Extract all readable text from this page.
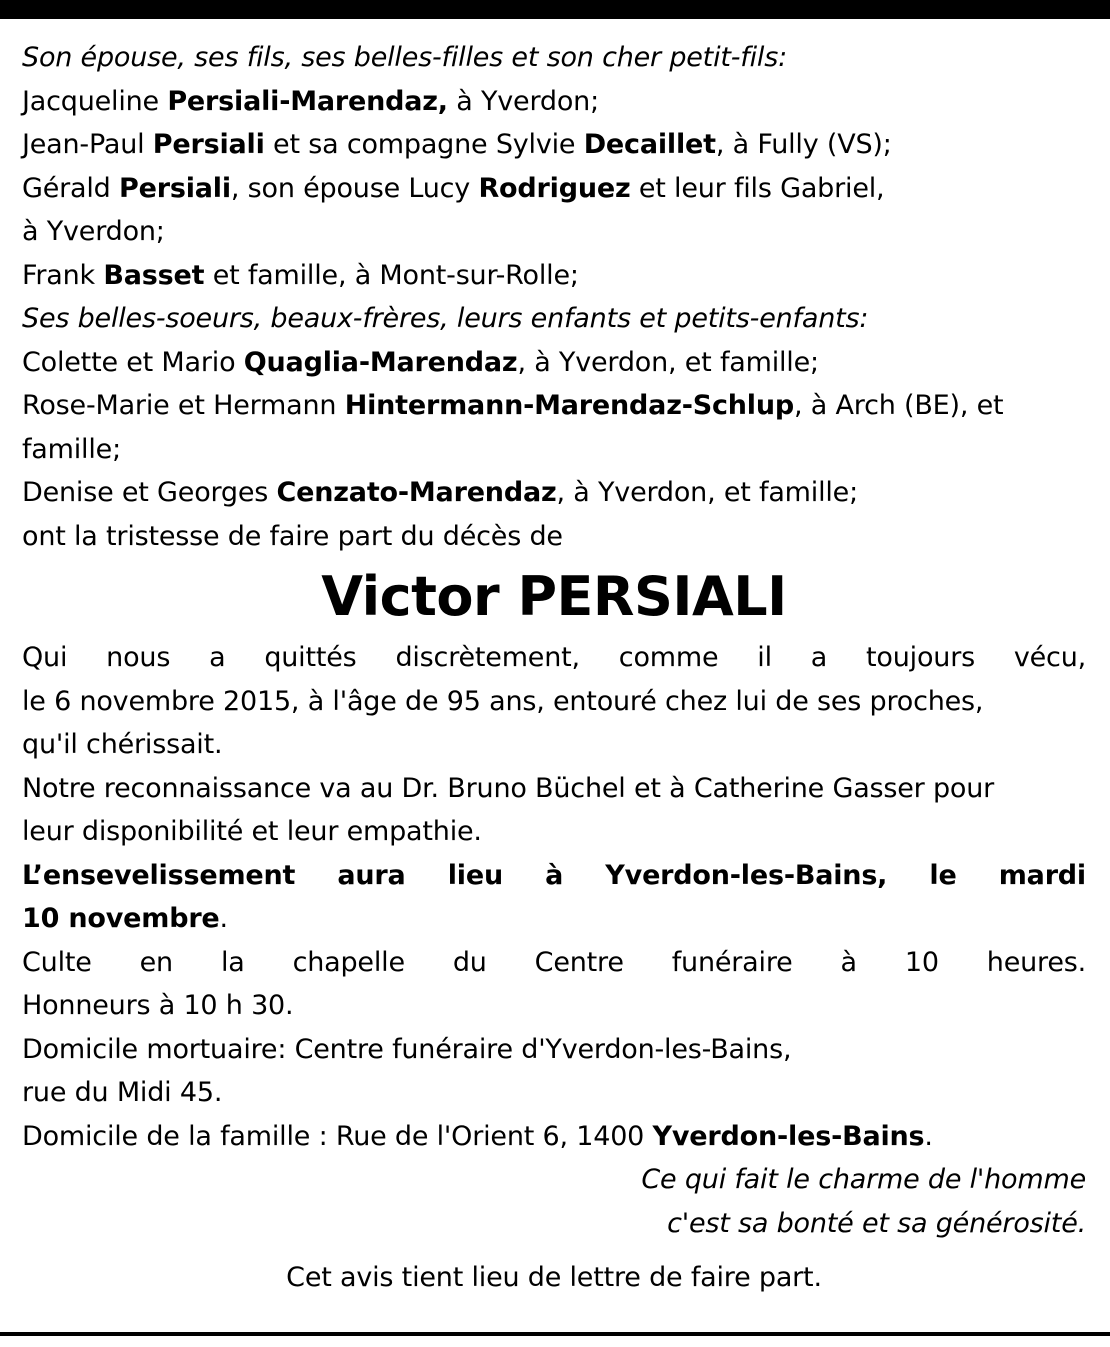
Son épouse, ses fils, ses belles-filles et son cher petit-fils:
Jacqueline Persiali-Marendaz, à Yverdon;
Jean-Paul Persiali et sa compagne Sylvie Decaillet, à Fully (VS);
Gérald Persiali, son épouse Lucy Rodriguez et leur fils Gabriel,
à Yverdon;
Frank Basset et famille, à Mont-sur-Rolle;
Ses belles-soeurs, beaux-frères, leurs enfants et petits-enfants:
Colette et Mario Quaglia-Marendaz, à Yverdon, et famille;
Rose-Marie et Hermann Hintermann-Marendaz-Schlup, à Arch (BE), et
famille;
Denise et Georges Cenzato-Marendaz, à Yverdon, et famille;
ont la tristesse de faire part du décès de
Victor PERSIALI
Qui nous a quittés discrètement, comme il a toujours vécu,
le 6 novembre 2015, à l'âge de 95 ans, entouré chez lui de ses proches,
qu'il chérissait.
Notre reconnaissance va au Dr. Bruno Büchel et à Catherine Gasser pour
leur disponibilité et leur empathie.
L’ensevelissement aura lieu à Yverdon-les-Bains, le mardi
10 novembre.
Culte en la chapelle du Centre funéraire à 10 heures.
Honneurs à 10 h 30.
Domicile mortuaire: Centre funéraire d'Yverdon-les-Bains,
rue du Midi 45.
Domicile de la famille : Rue de l'Orient 6, 1400 Yverdon-les-Bains.
Ce qui fait le charme de l'homme
c'est sa bonté et sa générosité.
Cet avis tient lieu de lettre de faire part.
